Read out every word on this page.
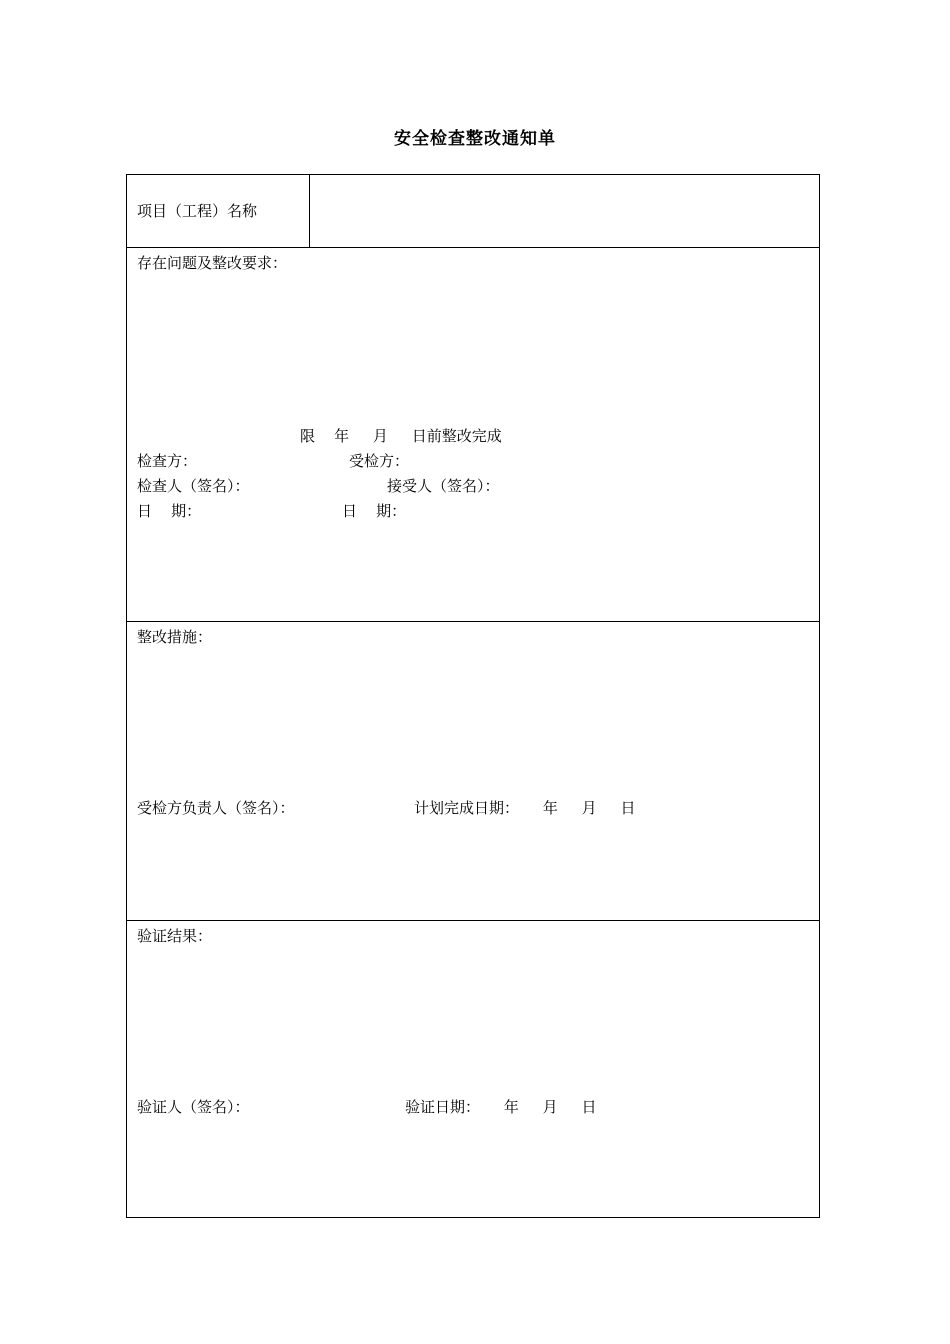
安全检查整改通知单
项目（工程）名称
存在问题及整改要求：
限    年     月     日前整改完成
检查方：	受检方：
检查人（签名）：	接受人（签名）：
日    期：	日    期：
整改措施：
受检方负责人（签名）：	计划完成日期：     年     月     日
验证结果：
验证人（签名）：	验证日期：     年     月     日
